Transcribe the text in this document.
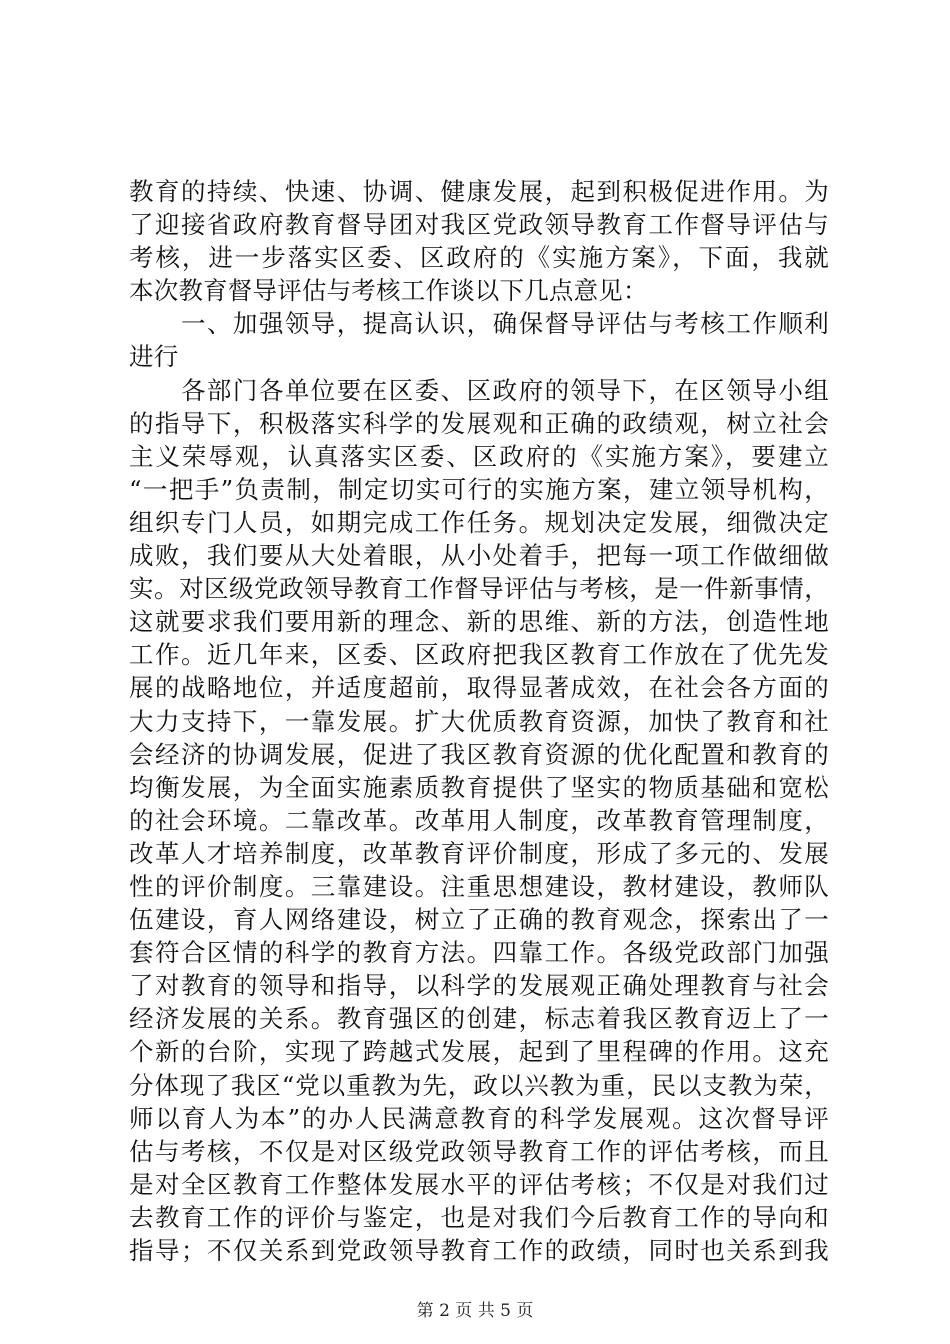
教育的持续、快速、协调、健康发展，起到积极促进作用。为
了迎接省政府教育督导团对我区党政领导教育工作督导评估与
考核，进一步落实区委、区政府的《实施方案》，下面，我就
本次教育督导评估与考核工作谈以下几点意见：
　　一、加强领导，提高认识，确保督导评估与考核工作顺利
进行
　　各部门各单位要在区委、区政府的领导下，在区领导小组
的指导下，积极落实科学的发展观和正确的政绩观，树立社会
主义荣辱观，认真落实区委、区政府的《实施方案》，要建立
“一把手”负责制，制定切实可行的实施方案，建立领导机构，
组织专门人员，如期完成工作任务。规划决定发展，细微决定
成败，我们要从大处着眼，从小处着手，把每一项工作做细做
实。对区级党政领导教育工作督导评估与考核，是一件新事情，
这就要求我们要用新的理念、新的思维、新的方法，创造性地
工作。近几年来，区委、区政府把我区教育工作放在了优先发
展的战略地位，并适度超前，取得显著成效，在社会各方面的
大力支持下，一靠发展。扩大优质教育资源，加快了教育和社
会经济的协调发展，促进了我区教育资源的优化配置和教育的
均衡发展，为全面实施素质教育提供了坚实的物质基础和宽松
的社会环境。二靠改革。改革用人制度，改革教育管理制度，
改革人才培养制度，改革教育评价制度，形成了多元的、发展
性的评价制度。三靠建设。注重思想建设，教材建设，教师队
伍建设，育人网络建设，树立了正确的教育观念，探索出了一
套符合区情的科学的教育方法。四靠工作。各级党政部门加强
了对教育的领导和指导，以科学的发展观正确处理教育与社会
经济发展的关系。教育强区的创建，标志着我区教育迈上了一
个新的台阶，实现了跨越式发展，起到了里程碑的作用。这充
分体现了我区“党以重教为先，政以兴教为重，民以支教为荣，
师以育人为本”的办人民满意教育的科学发展观。这次督导评
估与考核，不仅是对区级党政领导教育工作的评估考核，而且
是对全区教育工作整体发展水平的评估考核；不仅是对我们过
去教育工作的评价与鉴定，也是对我们今后教育工作的导向和
指导；不仅关系到党政领导教育工作的政绩，同时也关系到我
第 2 页 共 5 页
